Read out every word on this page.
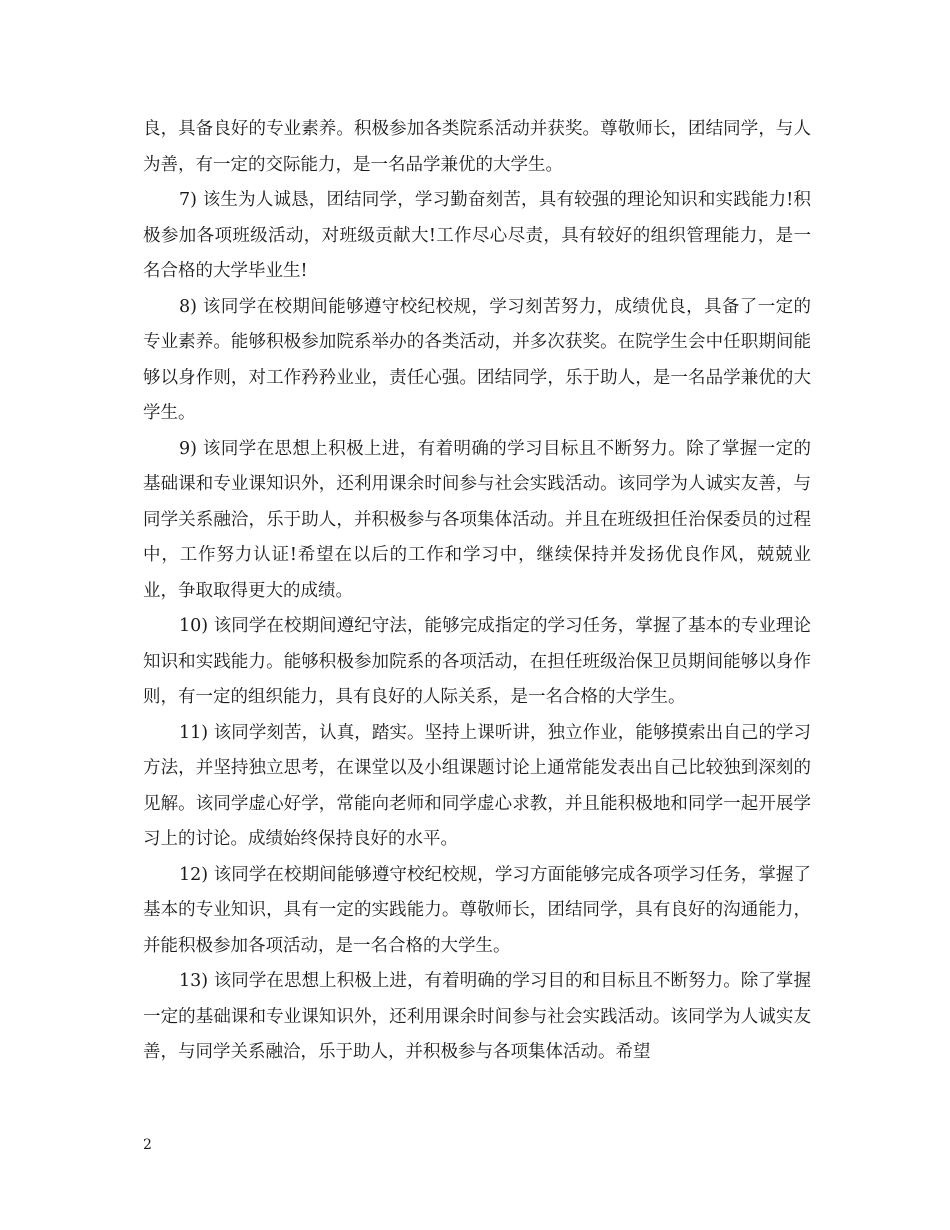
良，具备良好的专业素养。积极参加各类院系活动并获奖。尊敬师长，团结同学，与人为善，有一定的交际能力，是一名品学兼优的大学生。

7) 该生为人诚恳，团结同学，学习勤奋刻苦，具有较强的理论知识和实践能力!积极参加各项班级活动，对班级贡献大!工作尽心尽责，具有较好的组织管理能力，是一名合格的大学毕业生!

8) 该同学在校期间能够遵守校纪校规，学习刻苦努力，成绩优良，具备了一定的专业素养。能够积极参加院系举办的各类活动，并多次获奖。在院学生会中任职期间能够以身作则，对工作矜矜业业，责任心强。团结同学，乐于助人，是一名品学兼优的大学生。

9) 该同学在思想上积极上进，有着明确的学习目标且不断努力。除了掌握一定的基础课和专业课知识外，还利用课余时间参与社会实践活动。该同学为人诚实友善，与同学关系融洽，乐于助人，并积极参与各项集体活动。并且在班级担任治保委员的过程中，工作努力认证!希望在以后的工作和学习中，继续保持并发扬优良作风，兢兢业业，争取取得更大的成绩。

10) 该同学在校期间遵纪守法，能够完成指定的学习任务，掌握了基本的专业理论知识和实践能力。能够积极参加院系的各项活动，在担任班级治保卫员期间能够以身作则，有一定的组织能力，具有良好的人际关系，是一名合格的大学生。

11) 该同学刻苦，认真，踏实。坚持上课听讲，独立作业，能够摸索出自己的学习方法，并坚持独立思考，在课堂以及小组课题讨论上通常能发表出自己比较独到深刻的见解。该同学虚心好学，常能向老师和同学虚心求教，并且能积极地和同学一起开展学习上的讨论。成绩始终保持良好的水平。

12) 该同学在校期间能够遵守校纪校规，学习方面能够完成各项学习任务，掌握了基本的专业知识，具有一定的实践能力。尊敬师长，团结同学，具有良好的沟通能力，并能积极参加各项活动，是一名合格的大学生。

13) 该同学在思想上积极上进，有着明确的学习目的和目标且不断努力。除了掌握一定的基础课和专业课知识外，还利用课余时间参与社会实践活动。该同学为人诚实友善，与同学关系融洽，乐于助人，并积极参与各项集体活动。希望

2
